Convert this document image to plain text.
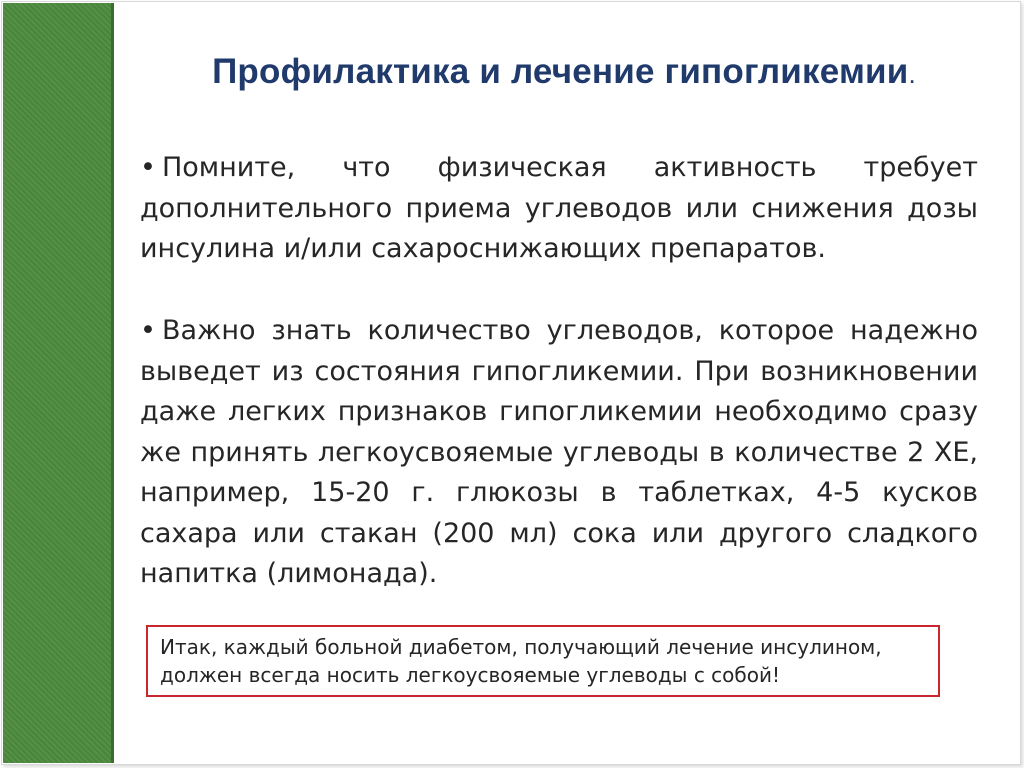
Профилактика и лечение гипогликемии.
• Помните, что физическая активность требует дополнительного приема углеводов или снижения дозы инсулина и/или сахароснижающих препаратов.
• Важно знать количество углеводов, которое надежно выведет из состояния гипогликемии. При возникновении даже легких признаков гипогликемии необходимо сразу же принять легкоусвояемые углеводы в количестве 2 ХЕ, например, 15-20 г. глюкозы в таблетках, 4-5 кусков сахара или стакан (200 мл) сока или другого сладкого напитка (лимонада).
Итак, каждый больной диабетом, получающий лечение инсулином, должен всегда носить легкоусвояемые углеводы с собой!
